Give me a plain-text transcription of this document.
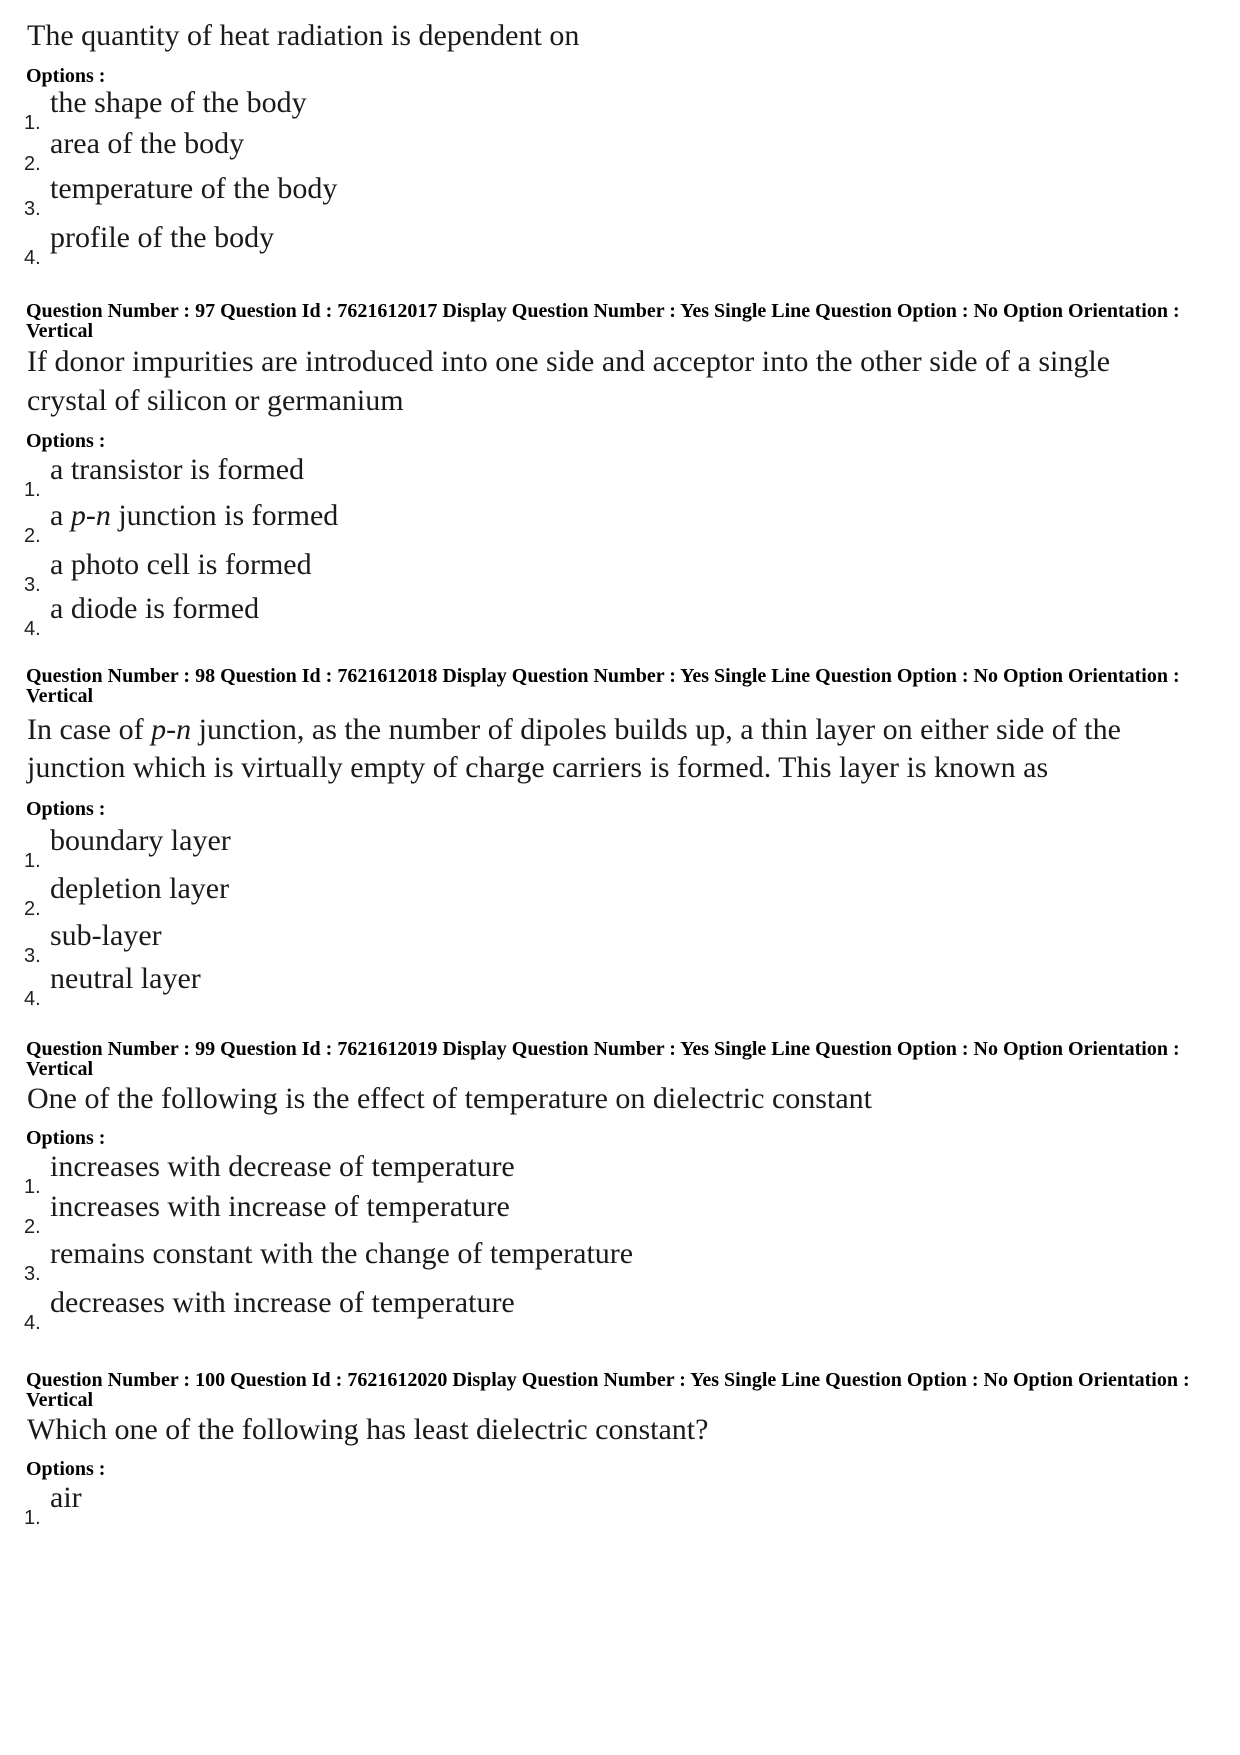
The quantity of heat radiation is dependent on

Options :

1.
the shape of the body
2.
area of the body
3.
temperature of the body
4.
profile of the body

Question Number : 97 Question Id : 7621612017 Display Question Number : Yes Single Line Question Option : No Option Orientation : Vertical

If donor impurities are introduced into one side and acceptor into the other side of a single

crystal of silicon or germanium

Options :

1.
a transistor is formed
2.
a p-n junction is formed
3.
a photo cell is formed
4.
a diode is formed

Question Number : 98 Question Id : 7621612018 Display Question Number : Yes Single Line Question Option : No Option Orientation : Vertical

In case of p-n junction, as the number of dipoles builds up, a thin layer on either side of the

junction which is virtually empty of charge carriers is formed. This layer is known as

Options :

1.
boundary layer
2.
depletion layer
3.
sub-layer
4.
neutral layer

Question Number : 99 Question Id : 7621612019 Display Question Number : Yes Single Line Question Option : No Option Orientation : Vertical

One of the following is the effect of temperature on dielectric constant

Options :

1.
increases with decrease of temperature
2.
increases with increase of temperature
3.
remains constant with the change of temperature
4.
decreases with increase of temperature

Question Number : 100 Question Id : 7621612020 Display Question Number : Yes Single Line Question Option : No Option Orientation : Vertical

Which one of the following has least dielectric constant?

Options :

1.
air
